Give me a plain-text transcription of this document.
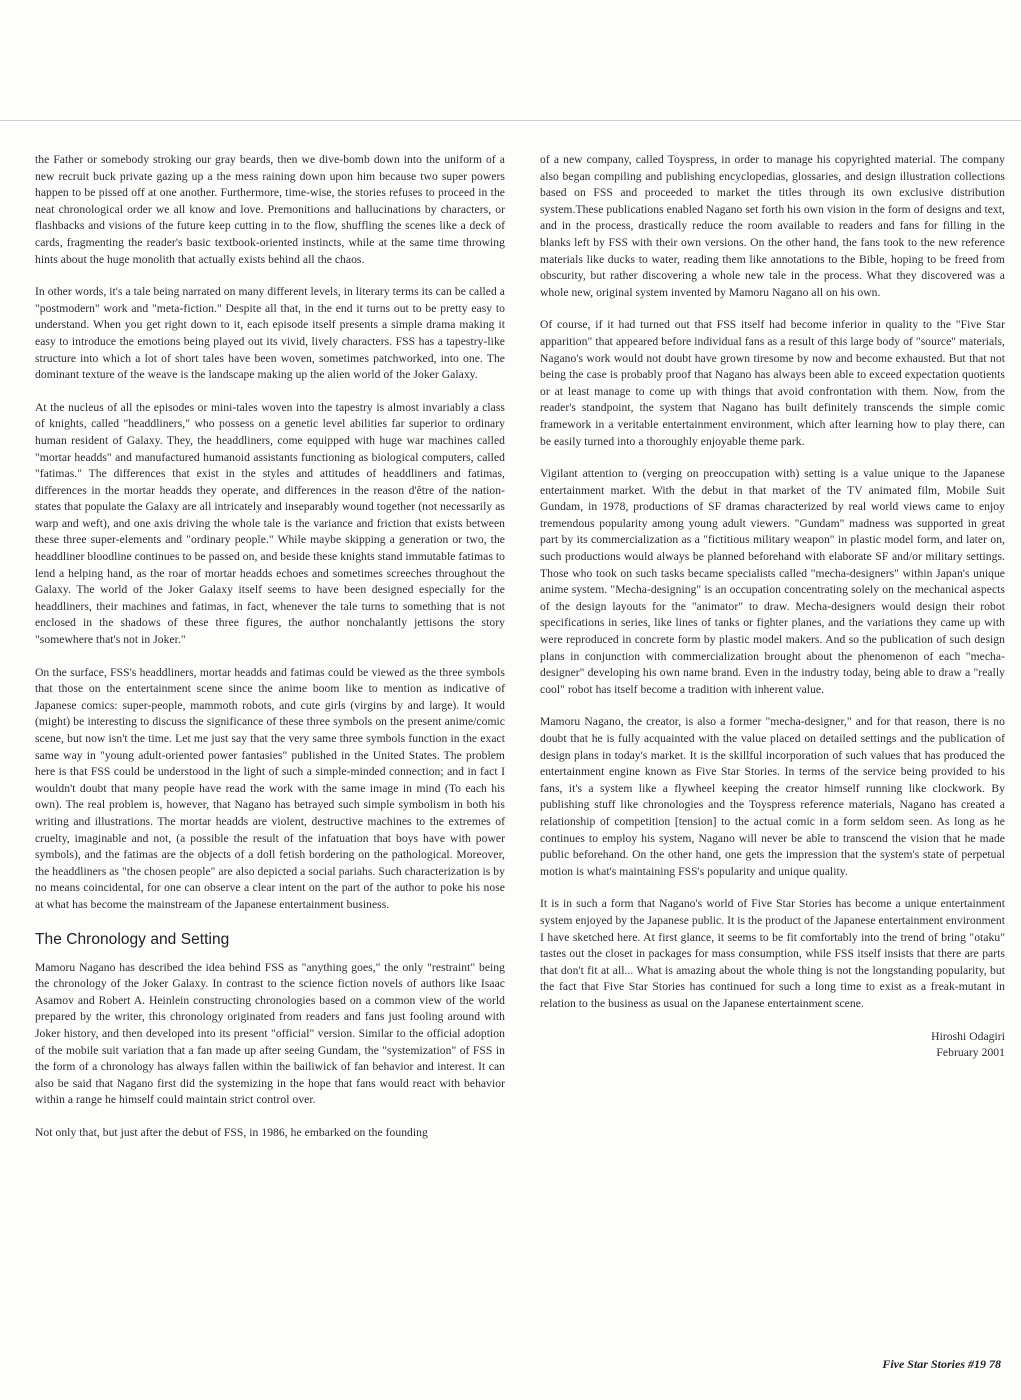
the Father or somebody stroking our gray beards, then we dive-bomb down into the uniform of a new recruit buck private gazing up a the mess raining down upon him because two super powers happen to be pissed off at one another. Furthermore, time-wise, the stories refuses to proceed in the neat chronological order we all know and love. Premonitions and hallucinations by characters, or flashbacks and visions of the future keep cutting in to the flow, shuffling the scenes like a deck of cards, fragmenting the reader's basic textbook-oriented instincts, while at the same time throwing hints about the huge monolith that actually exists behind all the chaos.

In other words, it's a tale being narrated on many different levels, in literary terms its can be called a "postmodern" work and "meta-fiction." Despite all that, in the end it turns out to be pretty easy to understand. When you get right down to it, each episode itself presents a simple drama making it easy to introduce the emotions being played out its vivid, lively characters. FSS has a tapestry-like structure into which a lot of short tales have been woven, sometimes patchworked, into one. The dominant texture of the weave is the landscape making up the alien world of the Joker Galaxy.

At the nucleus of all the episodes or mini-tales woven into the tapestry is almost invariably a class of knights, called "headdliners," who possess on a genetic level abilities far superior to ordinary human resident of Galaxy. They, the headdliners, come equipped with huge war machines called "mortar headds" and manufactured humanoid assistants functioning as biological computers, called "fatimas." The differences that exist in the styles and attitudes of headdliners and fatimas, differences in the mortar headds they operate, and differences in the reason d'être of the nation-states that populate the Galaxy are all intricately and inseparably wound together (not necessarily as warp and weft), and one axis driving the whole tale is the variance and friction that exists between these three super-elements and "ordinary people." While maybe skipping a generation or two, the headdliner bloodline continues to be passed on, and beside these knights stand immutable fatimas to lend a helping hand, as the roar of mortar headds echoes and sometimes screeches throughout the Galaxy. The world of the Joker Galaxy itself seems to have been designed especially for the headdliners, their machines and fatimas, in fact, whenever the tale turns to something that is not enclosed in the shadows of these three figures, the author nonchalantly jettisons the story "somewhere that's not in Joker."

On the surface, FSS's headdliners, mortar headds and fatimas could be viewed as the three symbols that those on the entertainment scene since the anime boom like to mention as indicative of Japanese comics: super-people, mammoth robots, and cute girls (virgins by and large). It would (might) be interesting to discuss the significance of these three symbols on the present anime/comic scene, but now isn't the time. Let me just say that the very same three symbols function in the exact same way in "young adult-oriented power fantasies" published in the United States. The problem here is that FSS could be understood in the light of such a simple-minded connection; and in fact I wouldn't doubt that many people have read the work with the same image in mind (To each his own). The real problem is, however, that Nagano has betrayed such simple symbolism in both his writing and illustrations. The mortar headds are violent, destructive machines to the extremes of cruelty, imaginable and not, (a possible the result of the infatuation that boys have with power symbols), and the fatimas are the objects of a doll fetish bordering on the pathological. Moreover, the headdliners as "the chosen people" are also depicted a social pariahs. Such characterization is by no means coincidental, for one can observe a clear intent on the part of the author to poke his nose at what has become the mainstream of the Japanese entertainment business.

The Chronology and Setting

Mamoru Nagano has described the idea behind FSS as "anything goes," the only "restraint" being the chronology of the Joker Galaxy. In contrast to the science fiction novels of authors like Isaac Asamov and Robert A. Heinlein constructing chronologies based on a common view of the world prepared by the writer, this chronology originated from readers and fans just fooling around with Joker history, and then developed into its present "official" version. Similar to the official adoption of the mobile suit variation that a fan made up after seeing Gundam, the "systemization" of FSS in the form of a chronology has always fallen within the bailiwick of fan behavior and interest. It can also be said that Nagano first did the systemizing in the hope that fans would react with behavior within a range he himself could maintain strict control over.

Not only that, but just after the debut of FSS, in 1986, he embarked on the founding

of a new company, called Toyspress, in order to manage his copyrighted material. The company also began compiling and publishing encyclopedias, glossaries, and design illustration collections based on FSS and proceeded to market the titles through its own exclusive distribution system.These publications enabled Nagano set forth his own vision in the form of designs and text, and in the process, drastically reduce the room available to readers and fans for filling in the blanks left by FSS with their own versions. On the other hand, the fans took to the new reference materials like ducks to water, reading them like annotations to the Bible, hoping to be freed from obscurity, but rather discovering a whole new tale in the process. What they discovered was a whole new, original system invented by Mamoru Nagano all on his own.

Of course, if it had turned out that FSS itself had become inferior in quality to the "Five Star apparition" that appeared before individual fans as a result of this large body of "source" materials, Nagano's work would not doubt have grown tiresome by now and become exhausted. But that not being the case is probably proof that Nagano has always been able to exceed expectation quotients or at least manage to come up with things that avoid confrontation with them. Now, from the reader's standpoint, the system that Nagano has built definitely transcends the simple comic framework in a veritable entertainment environment, which after learning how to play there, can be easily turned into a thoroughly enjoyable theme park.

Vigilant attention to (verging on preoccupation with) setting is a value unique to the Japanese entertainment market. With the debut in that market of the TV animated film, Mobile Suit Gundam, in 1978, productions of SF dramas characterized by real world views came to enjoy tremendous popularity among young adult viewers. "Gundam" madness was supported in great part by its commercialization as a "fictitious military weapon" in plastic model form, and later on, such productions would always be planned beforehand with elaborate SF and/or military settings. Those who took on such tasks became specialists called "mecha-designers" within Japan's unique anime system. "Mecha-designing" is an occupation concentrating solely on the mechanical aspects of the design layouts for the "animator" to draw. Mecha-designers would design their robot specifications in series, like lines of tanks or fighter planes, and the variations they came up with were reproduced in concrete form by plastic model makers. And so the publication of such design plans in conjunction with commercialization brought about the phenomenon of each "mecha-designer" developing his own name brand. Even in the industry today, being able to draw a "really cool" robot has itself become a tradition with inherent value.

Mamoru Nagano, the creator, is also a former "mecha-designer," and for that reason, there is no doubt that he is fully acquainted with the value placed on detailed settings and the publication of design plans in today's market. It is the skillful incorporation of such values that has produced the entertainment engine known as Five Star Stories. In terms of the service being provided to his fans, it's a system like a flywheel keeping the creator himself running like clockwork. By publishing stuff like chronologies and the Toyspress reference materials, Nagano has created a relationship of competition [tension] to the actual comic in a form seldom seen. As long as he continues to employ his system, Nagano will never be able to transcend the vision that he made public beforehand. On the other hand, one gets the impression that the system's state of perpetual motion is what's maintaining FSS's popularity and unique quality.

It is in such a form that Nagano's world of Five Star Stories has become a unique entertainment system enjoyed by the Japanese public. It is the product of the Japanese entertainment environment I have sketched here. At first glance, it seems to be fit comfortably into the trend of bring "otaku" tastes out the closet in packages for mass consumption, while FSS itself insists that there are parts that don't fit at all... What is amazing about the whole thing is not the longstanding popularity, but the fact that Five Star Stories has continued for such a long time to exist as a freak-mutant in relation to the business as usual on the Japanese entertainment scene.

Hiroshi Odagiri
February 2001
Five Star Stories #19 78
